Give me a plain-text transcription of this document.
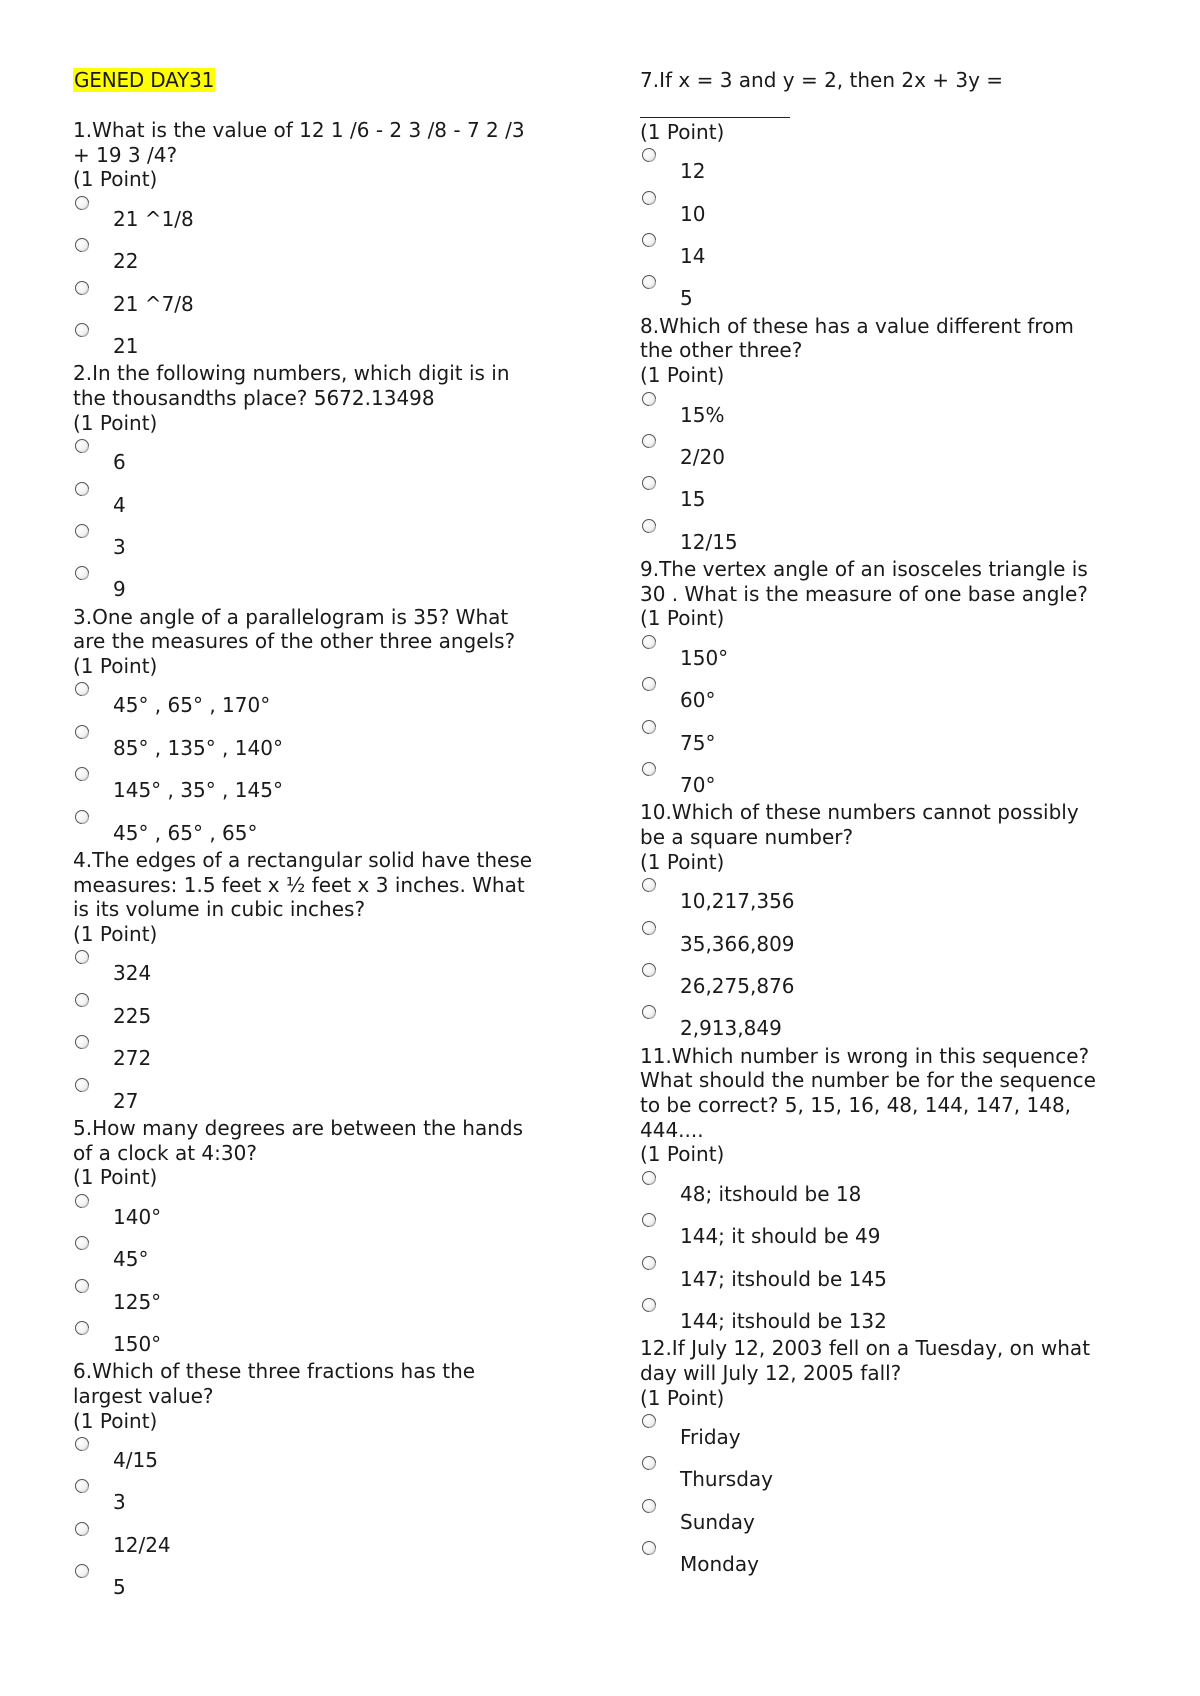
GENED DAY31

1.What is the value of 12 1 /6 - 2 3 /8 - 7 2 /3
+ 19 3 /4?

(1 Point)

21 ^1/8
22
21 ^7/8
21

2.In the following numbers, which digit is in
the thousandths place? 5672.13498

(1 Point)

6
4
3
9

3.One angle of a parallelogram is 35? What
are the measures of the other three angels?

(1 Point)

45° , 65° , 170°
85° , 135° , 140°
145° , 35° , 145°
45° , 65° , 65°

4.The edges of a rectangular solid have these
measures: 1.5 feet x ½ feet x 3 inches. What
is its volume in cubic inches?

(1 Point)

324
225
272
27

5.How many degrees are between the hands
of a clock at 4:30?

(1 Point)

140°
45°
125°
150°

6.Which of these three fractions has the
largest value?

(1 Point)

4/15
3
12/24
5

7.If x = 3 and y = 2, then 2x + 3y =

(1 Point)

12
10
14
5

8.Which of these has a value different from
the other three?

(1 Point)

15%
2/20
15
12/15

9.The vertex angle of an isosceles triangle is
30 . What is the measure of one base angle?

(1 Point)

150°
60°
75°
70°

10.Which of these numbers cannot possibly
be a square number?

(1 Point)

10,217,356
35,366,809
26,275,876
2,913,849

11.Which number is wrong in this sequence?
What should the number be for the sequence
to be correct? 5, 15, 16, 48, 144, 147, 148,
444....

(1 Point)

48; itshould be 18
144; it should be 49
147; itshould be 145
144; itshould be 132

12.If July 12, 2003 fell on a Tuesday, on what
day will July 12, 2005 fall?

(1 Point)

Friday
Thursday
Sunday
Monday
